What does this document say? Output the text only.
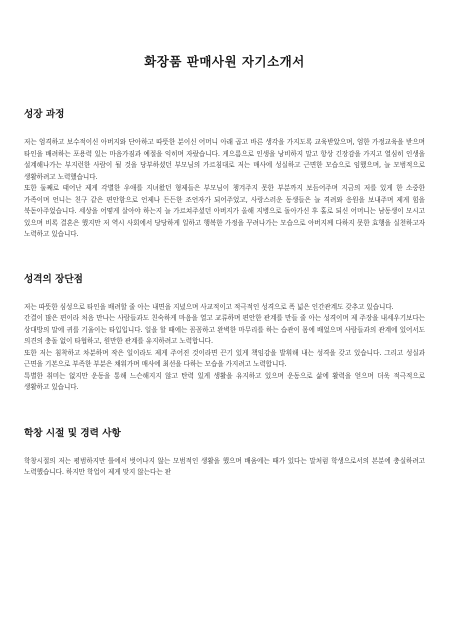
화장품 판매사원 자기소개서
성장 과정

저는 엄격하고 보수적이신 아버지와 단아하고 따뜻한 분이신 어머니 아래 곱고 바른 생각을 가지도록 교육받았으며, 엄한 가정교육을 받으며 타인을 배려하는 포용력 있는 마음가짐과 예절을 익히며 자랐습니다. 게으름으로 인생을 낭비하지 말고 항상 긴장감을 가지고 열심히 인생을 설계해나가는 부지런한 사람이 될 것을 당부하셨던 부모님의 가르침대로 저는 매사에 성실하고 근면한 모습으로 임했으며, 늘 모범적으로 생활하려고 노력했습니다.

또한 둘째로 태어난 제게 각별한 우애를 지녀왔던 형제들은 부모님이 챙겨주지 못한 부분까지 보듬어주며 지금의 저를 있게 한 소중한 가족이며 언니는 친구 같은 편안함으로 언제나 든든한 조언자가 되어주었고, 사랑스러운 동생들은 늘 격려와 응원을 보내주며 제게 힘을 북돋아주었습니다. 세상을 어떻게 살아야 하는지 늘 가르쳐주셨던 아버지가 올해 지병으로 돌아가신 후 홀로 되신 어머니는 남동생이 모시고 있으며 비록 결혼은 했지만 저 역시 사회에서 당당하게 일하고 행복한 가정을 꾸려나가는 모습으로 아버지께 다하지 못한 효행을 실천하고자 노력하고 있습니다.

성격의 장단점

저는 따뜻한 심성으로 타인을 배려할 줄 아는 내면을 지녔으며 사교적이고 적극적인 성격으로 폭 넓은 인간관계도 갖추고 있습니다.

간결이 많은 편이라 처음 만나는 사람들과도 친숙하게 마음을 열고 교류하며 편안한 관계를 만들 줄 아는 성격이며 제 주장을 내세우기보다는 상대방의 말에 귀를 기울이는 타입입니다. 일을 할 때에는 꼼꼼하고 완벽한 마무리를 하는 습관이 몸에 배었으며 사람들과의 관계에 있어서도 의견의 충돌 없이 타협하고, 원만한 관계를 유지하려고 노력합니다.

또한 저는 침착하고 차분하며 작은 일이라도 제게 주어진 것이라면 끈기 있게 책임감을 발휘해 내는 성격을 갖고 있습니다. 그리고 성실과 근면을 기본으로 부족한 부분은 채워가며 매사에 최선을 다하는 모습을 가지려고 노력합니다.

특별한 취미는 없지만 운동을 통해 느슨해지지 않고 탄력 있게 생활을 유지하고 있으며 운동으로 삶에 활력을 얻으며 더욱 적극적으로 생활하고 있습니다.

학창 시절 및 경력 사항

학창시절의 저는 평범하지만 틀에서 벗어나지 않는 모범적인 생활을 했으며 배움에는 때가 있다는 말처럼 학생으로서의 본분에 충실하려고 노력했습니다. 하지만 학업이 제게 맞지 않는다는 판
